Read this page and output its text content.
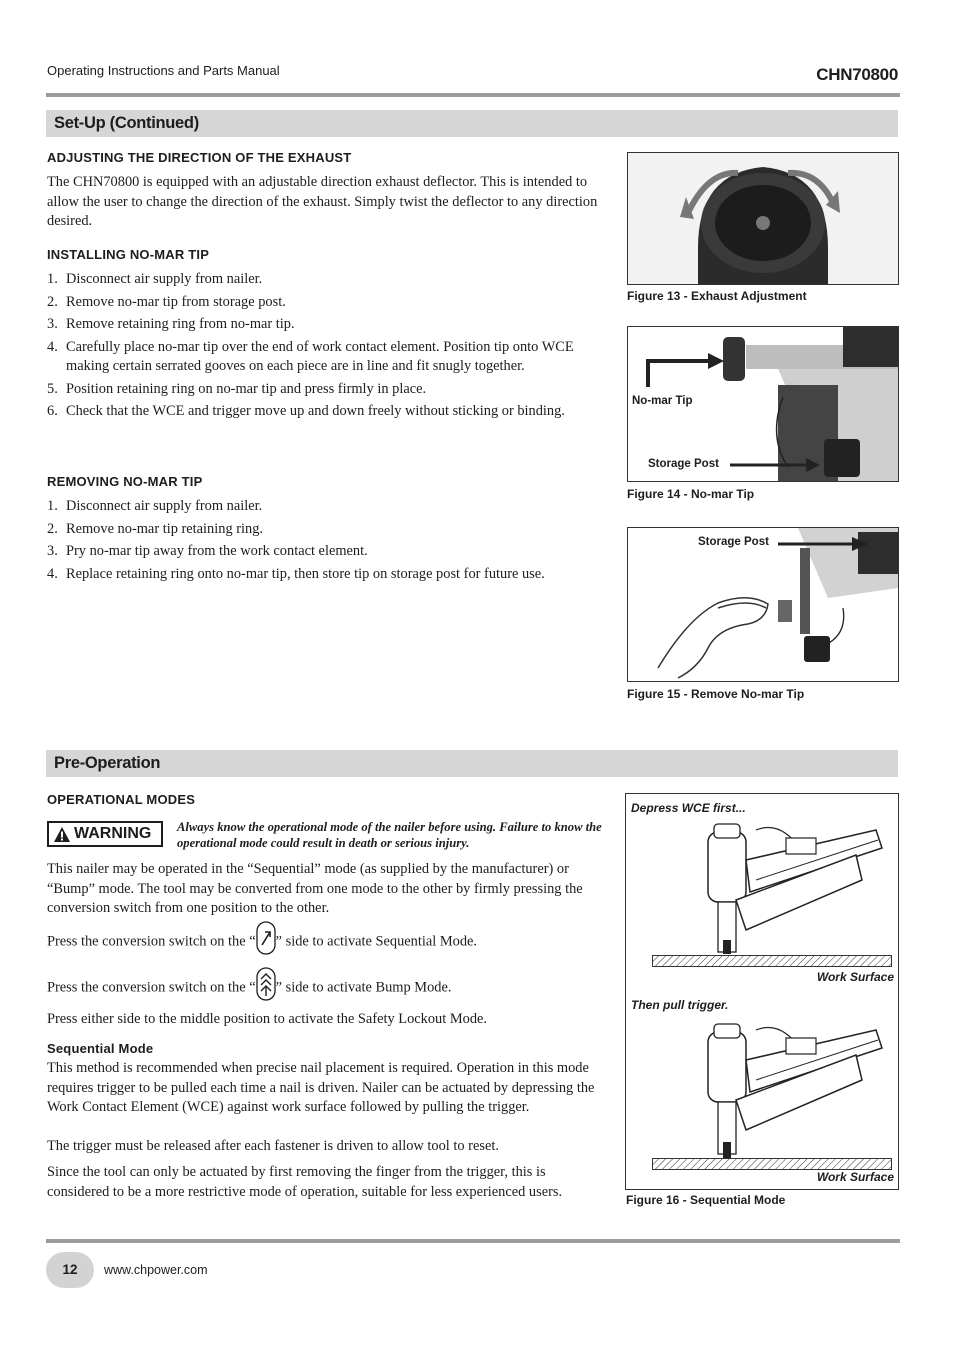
Operating Instructions and Parts Manual	CHN70800
Set-Up (Continued)
ADJUSTING THE DIRECTION OF THE EXHAUST

The CHN70800 is equipped with an adjustable direction exhaust deflector. This is intended to allow the user to change the direction of the exhaust. Simply twist the deflector to any direction desired.

INSTALLING NO-MAR TIP
1. Disconnect air supply from nailer.
2. Remove no-mar tip from storage post.
3. Remove retaining ring from no-mar tip.
4. Carefully place no-mar tip over the end of work contact element. Position tip onto WCE making certain serrated gooves on each piece are in line and fit snugly together.
5. Position retaining ring on no-mar tip and press firmly in place.
6. Check that the WCE and trigger move up and down freely without sticking or binding.
REMOVING NO-MAR TIP
1. Disconnect air supply from nailer.
2. Remove no-mar tip retaining ring.
3. Pry no-mar tip away from the work contact element.
4. Replace retaining ring onto no-mar tip, then store tip on storage post for future use.
Figure 13 - Exhaust Adjustment
No-mar Tip
Storage Post
Figure 14 - No-mar Tip
Storage Post
Figure 15 - Remove No-mar Tip
Pre-Operation
OPERATIONAL MODES
WARNING Always know the operational mode of the nailer before using. Failure to know the operational mode could result in death or serious injury.

This nailer may be operated in the “Sequential” mode (as supplied by the manufacturer) or “Bump” mode. The tool may be converted from one mode to the other by firmly pressing the conversion switch from one position to the other.

Press the conversion switch on the “ ” side to activate Sequential Mode.
Press the conversion switch on the “ ” side to activate Bump Mode.

Press either side to the middle position to activate the Safety Lockout Mode.

Sequential Mode

This method is recommended when precise nail placement is required. Operation in this mode requires trigger to be pulled each time a nail is driven. Nailer can be actuated by depressing the Work Contact Element (WCE) against work surface followed by pulling the trigger.

The trigger must be released after each fastener is driven to allow tool to reset.

Since the tool can only be actuated by first removing the finger from the trigger, this is considered to be a more restrictive mode of operation, suitable for less experienced users.

Depress WCE first...
Work Surface
Then pull trigger.
Work Surface
Figure 16 - Sequential Mode
12	www.chpower.com
